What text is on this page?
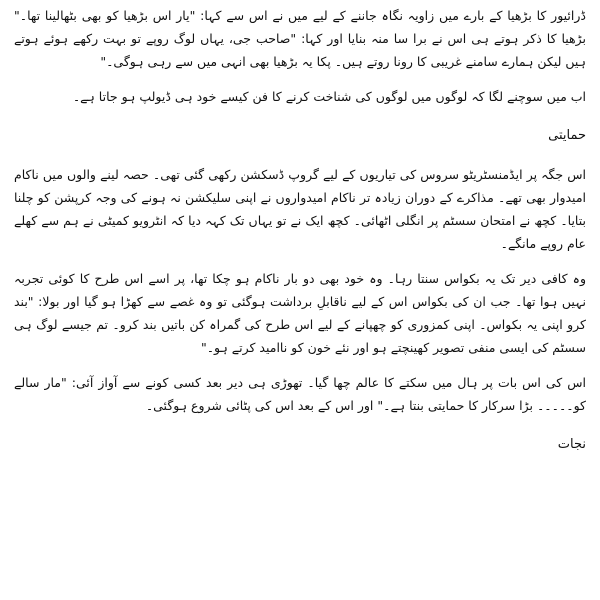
ڈرائیور کا بڑھیا کے بارے میں زاویہ نگاہ جاننے کے لیے میں نے اس سے کہا: "یار اس بڑھیا کو بھی بٹھالینا تھا۔" بڑھیا کا ذکر ہوتے ہی اس نے برا سا منہ بنایا اور کہا: "صاحب جی، یہاں لوگ روپے تو بہت رکھے ہوئے ہوتے ہیں لیکن ہمارے سامنے غریبی کا رونا روتے ہیں۔ پکا یہ بڑھیا بھی انہی میں سے رہی ہوگی۔"

اب میں سوچنے لگا کہ لوگوں میں لوگوں کی شناخت کرنے کا فن کیسے خود ہی ڈیولپ ہو جاتا ہے۔

حمایتی

اس جگہ پر ایڈمنسٹریٹو سروس کی تیاریوں کے لیے گروپ ڈسکشن رکھی گئی تھی۔ حصہ لینے والوں میں ناکام امیدوار بھی تھے۔ مذاکرے کے دوران زیادہ تر ناکام امیدواروں نے اپنی سلیکشن نہ ہونے کی وجہ کرپشن کو چلنا بتایا۔ کچھ نے امتحان سسٹم پر انگلی اٹھائی۔ کچھ ایک نے تو یہاں تک کہہ دیا کہ انٹرویو کمیٹی نے ہم سے کھلے عام روپے مانگے۔

وہ کافی دیر تک یہ بکواس سنتا رہا۔ وہ خود بھی دو بار ناکام ہو چکا تھا، پر اسے اس طرح کا کوئی تجربہ نہیں ہوا تھا۔ جب ان کی بکواس اس کے لیے ناقابلِ برداشت ہوگئی تو وہ غصے سے کھڑا ہو گیا اور بولا: "بند کرو اپنی یہ بکواس۔ اپنی کمزوری کو چھپانے کے لیے اس طرح کی گمراہ کن باتیں بند کرو۔ تم جیسے لوگ ہی سسٹم کی ایسی منفی تصویر کھینچتے ہو اور نئے خون کو ناامید کرتے ہو۔"

اس کی اس بات پر ہال میں سکتے کا عالم چھا گیا۔ تھوڑی ہی دیر بعد کسی کونے سے آواز آئی: "مار سالے کو۔۔۔۔۔ بڑا سرکار کا حمایتی بنتا ہے۔" اور اس کے بعد اس کی پٹائی شروع ہوگئی۔

نجات
